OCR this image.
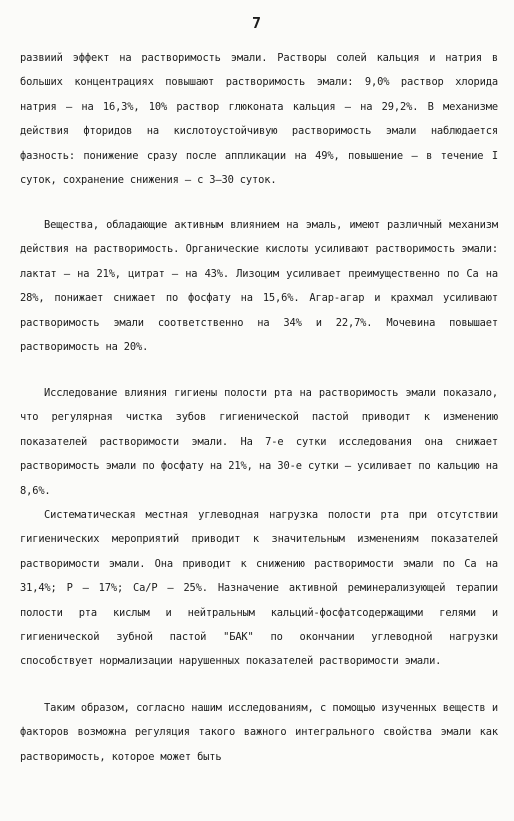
7

развиий эффект на растворимость эмали. Растворы солей кальция и натрия в больших концентрациях повышают растворимость эмали: 9,0% раствор хлорида натрия – на 16,3%, 10% раствор глюконата кальция – на 29,2%. В механизме действия фторидов на кислотоустойчивую растворимость эмали наблюдается фазность: понижение сразу после аппликации на 49%, повышение – в течение I суток, сохранение снижения – с 3–30 суток.

Вещества, обладающие активным влиянием на эмаль, имеют различный механизм действия на растворимость. Органические кислоты усиливают растворимость эмали: лактат – на 21%, цитрат – на 43%. Лизоцим усиливает преимущественно по Ca на 28%, понижает снижает по фосфату на 15,6%. Агар-агар и крахмал усиливают растворимость эмали соответственно на 34% и 22,7%. Мочевина повышает растворимость на 20%.

Исследование влияния гигиены полости рта на растворимость эмали показало, что регулярная чистка зубов гигиенической пастой приводит к изменению показателей растворимости эмали. На 7-е сутки исследования она снижает растворимость эмали по фосфату на 21%, на 30-е сутки – усиливает по кальцию на 8,6%.

Систематическая местная углеводная нагрузка полости рта при отсутствии гигиенических мероприятий приводит к значительным изменениям показателей растворимости эмали. Она приводит к снижению растворимости эмали по Ca на 31,4%; P – 17%; Ca/P – 25%. Назначение активной реминерализующей терапии полости рта кислым и нейтральным кальций-фосфатсодержащими гелями и гигиенической зубной пастой "БАК" по окончании углеводной нагрузки способствует нормализации нарушенных показателей растворимости эмали.

Таким образом, согласно нашим исследованиям, с помощью изученных веществ и факторов возможна регуляция такого важного интегрального свойства эмали как растворимость, которое может быть
